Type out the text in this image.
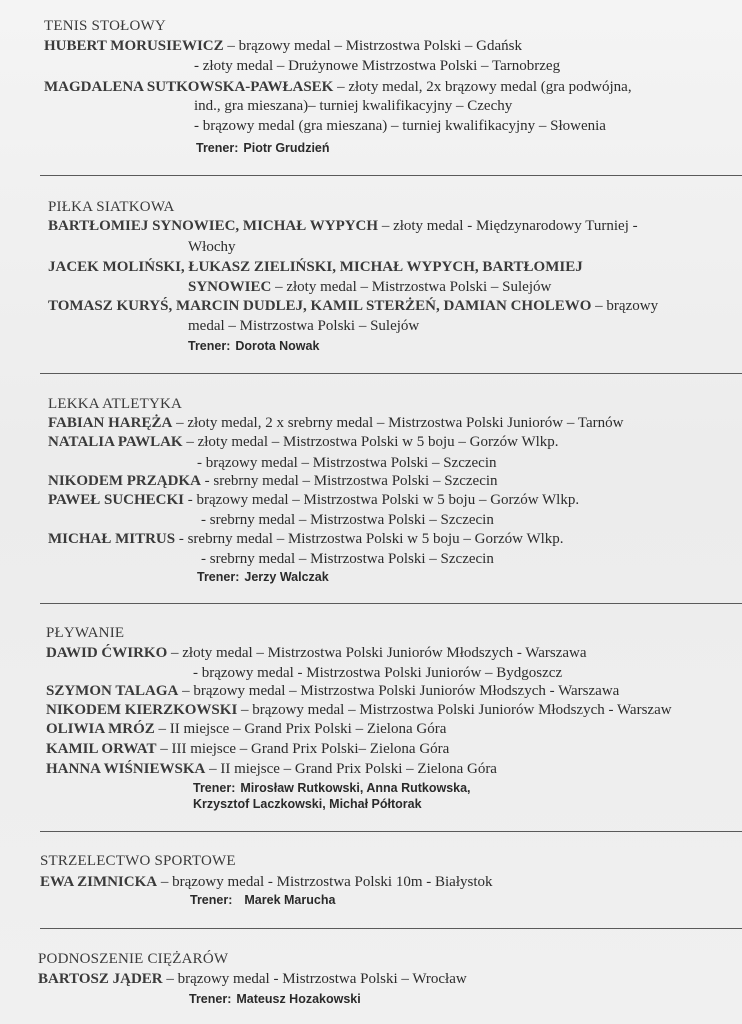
TENIS STOŁOWY
HUBERT MORUSIEWICZ – brązowy medal – Mistrzostwa Polski – Gdańsk
- złoty medal – Drużynowe Mistrzostwa Polski – Tarnobrzeg
MAGDALENA SUTKOWSKA-PAWŁASEK – złoty medal, 2x brązowy medal (gra podwójna,
ind., gra mieszana)– turniej kwalifikacyjny – Czechy
- brązowy medal (gra mieszana) – turniej kwalifikacyjny – Słowenia
Trener: Piotr Grudzień
PIŁKA SIATKOWA
BARTŁOMIEJ SYNOWIEC, MICHAŁ WYPYCH – złoty medal - Międzynarodowy Turniej -
Włochy
JACEK MOLIŃSKI, ŁUKASZ ZIELIŃSKI, MICHAŁ WYPYCH, BARTŁOMIEJ
SYNOWIEC – złoty medal – Mistrzostwa Polski – Sulejów
TOMASZ KURYŚ, MARCIN DUDLEJ, KAMIL STERŻEŃ, DAMIAN CHOLEWO – brązowy
medal – Mistrzostwa Polski – Sulejów
Trener: Dorota Nowak
LEKKA ATLETYKA
FABIAN HARĘŻA – złoty medal, 2 x srebrny medal – Mistrzostwa Polski Juniorów – Tarnów
NATALIA PAWLAK – złoty medal – Mistrzostwa Polski w 5 boju – Gorzów Wlkp.
- brązowy medal – Mistrzostwa Polski – Szczecin
NIKODEM PRZĄDKA - srebrny medal – Mistrzostwa Polski – Szczecin
PAWEŁ SUCHECKI - brązowy medal – Mistrzostwa Polski w 5 boju – Gorzów Wlkp.
- srebrny medal – Mistrzostwa Polski – Szczecin
MICHAŁ MITRUS - srebrny medal – Mistrzostwa Polski w 5 boju – Gorzów Wlkp.
- srebrny medal – Mistrzostwa Polski – Szczecin
Trener: Jerzy Walczak
PŁYWANIE
DAWID ĆWIRKO – złoty medal – Mistrzostwa Polski Juniorów Młodszych - Warszawa
- brązowy medal - Mistrzostwa Polski Juniorów – Bydgoszcz
SZYMON TALAGA – brązowy medal – Mistrzostwa Polski Juniorów Młodszych - Warszawa
NIKODEM KIERZKOWSKI – brązowy medal – Mistrzostwa Polski Juniorów Młodszych - Warszaw
OLIWIA MRÓZ – II miejsce – Grand Prix Polski – Zielona Góra
KAMIL ORWAT – III miejsce – Grand Prix Polski– Zielona Góra
HANNA WIŚNIEWSKA – II miejsce – Grand Prix Polski – Zielona Góra
Trener: Mirosław Rutkowski, Anna Rutkowska,
Krzysztof Laczkowski, Michał Półtorak
STRZELECTWO SPORTOWE
EWA ZIMNICKA – brązowy medal - Mistrzostwa Polski 10m - Białystok
Trener: Marek Marucha
PODNOSZENIE CIĘŻARÓW
BARTOSZ JĄDER – brązowy medal - Mistrzostwa Polski – Wrocław
Trener: Mateusz Hozakowski
